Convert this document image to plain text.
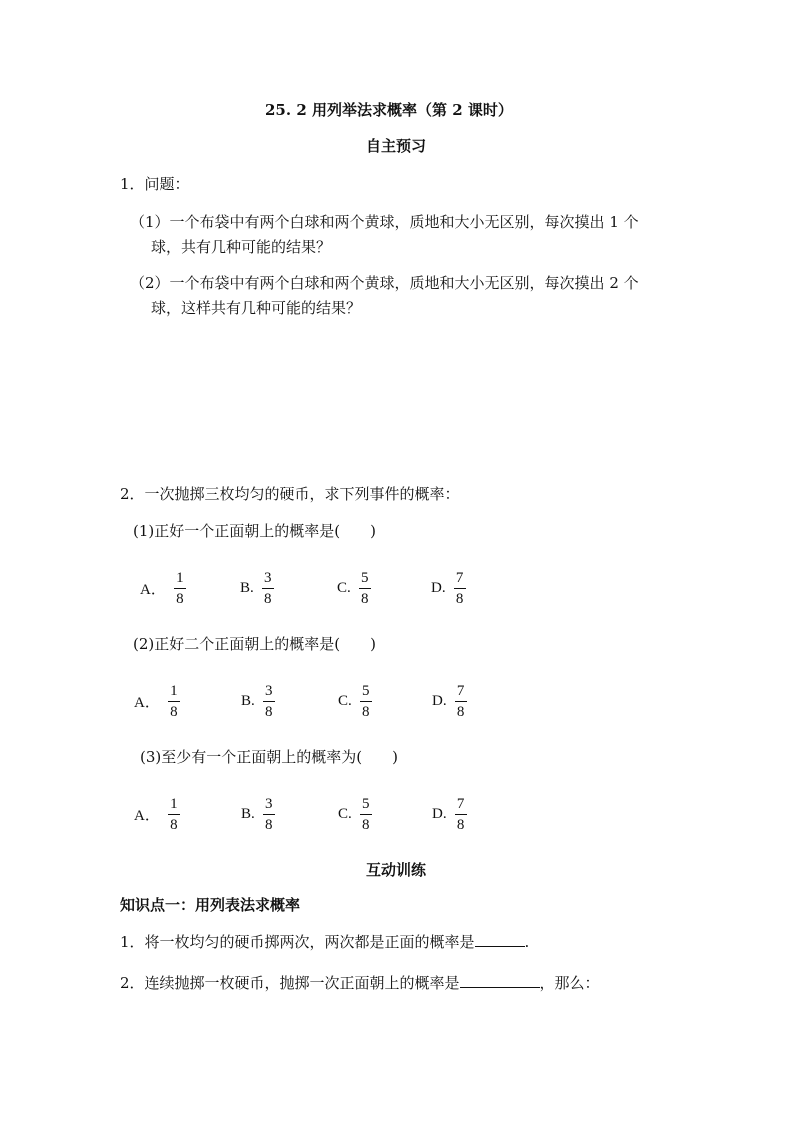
25. 2 用列举法求概率（第 2 课时）
自主预习
1．问题：
（1）一个布袋中有两个白球和两个黄球，质地和大小无区别，每次摸出 1 个
球，共有几种可能的结果？
（2）一个布袋中有两个白球和两个黄球，质地和大小无区别，每次摸出 2 个
球，这样共有几种可能的结果？
2．一次抛掷三枚均匀的硬币，求下列事件的概率：
(1)正好一个正面朝上的概率是(　　)
A． $\frac{1}{8}$	B. $\frac{3}{8}$	C. $\frac{5}{8}$	D. $\frac{7}{8}$
(2)正好二个正面朝上的概率是(　　)
A． $\frac{1}{8}$	B. $\frac{3}{8}$	C. $\frac{5}{8}$	D. $\frac{7}{8}$
(3)至少有一个正面朝上的概率为(　　)
A． $\frac{1}{8}$	B. $\frac{3}{8}$	C. $\frac{5}{8}$	D. $\frac{7}{8}$
互动训练
知识点一：用列表法求概率
1．将一枚均匀的硬币掷两次，两次都是正面的概率是	.
2．连续抛掷一枚硬币，抛掷一次正面朝上的概率是	，那么：
